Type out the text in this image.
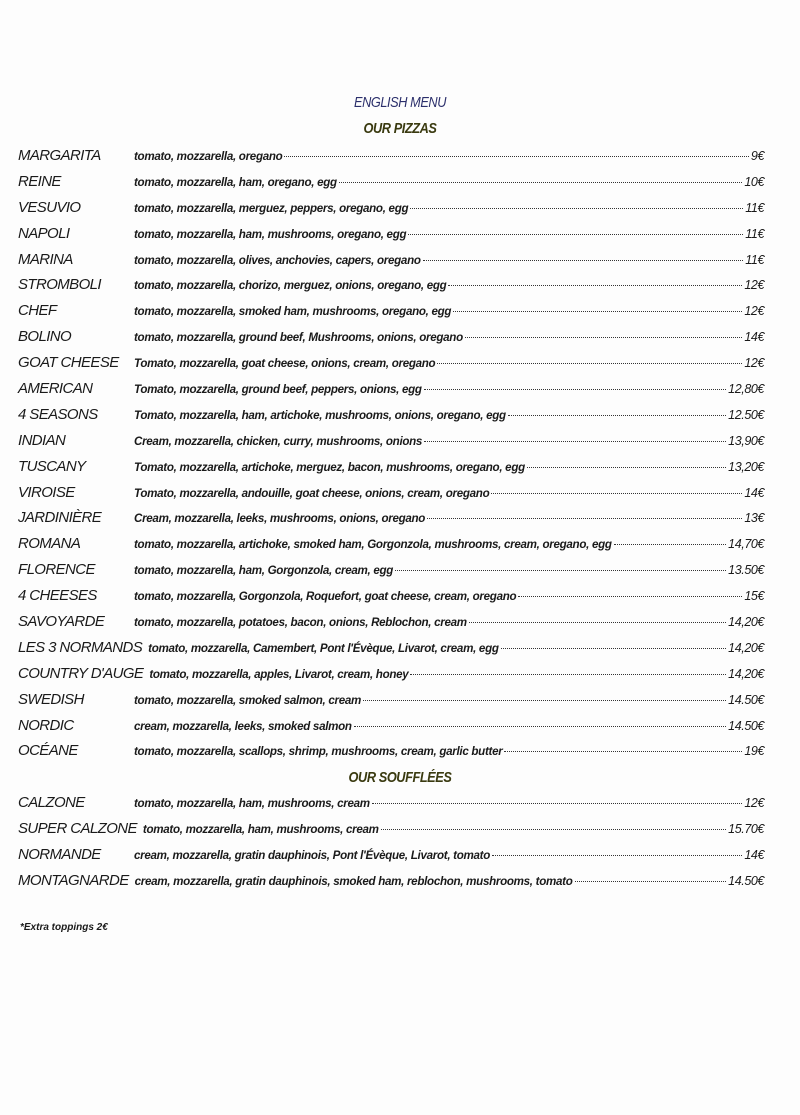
ENGLISH MENU
OUR PIZZAS
MARGARITA	tomato, mozzarella, oregano	9€
REINE	tomato, mozzarella, ham, oregano, egg	10€
VESUVIO	tomato, mozzarella, merguez, peppers, oregano, egg	11€
NAPOLI	tomato, mozzarella, ham, mushrooms, oregano, egg	11€
MARINA	tomato, mozzarella, olives, anchovies, capers, oregano	11€
STROMBOLI	tomato, mozzarella, chorizo, merguez, onions, oregano, egg	12€
CHEF	tomato, mozzarella, smoked ham, mushrooms, oregano, egg	12€
BOLINO	tomato, mozzarella, ground beef, Mushrooms, onions, oregano	14€
GOAT CHEESE	Tomato, mozzarella, goat cheese, onions, cream, oregano	12€
AMERICAN	Tomato, mozzarella, ground beef, peppers, onions, egg	12,80€
4 SEASONS	Tomato, mozzarella, ham, artichoke, mushrooms, onions, oregano, egg	12.50€
INDIAN	Cream, mozzarella, chicken, curry, mushrooms, onions	13,90€
TUSCANY	Tomato, mozzarella, artichoke, merguez, bacon, mushrooms, oregano, egg	13,20€
VIROISE	Tomato, mozzarella, andouille, goat cheese, onions, cream, oregano	14€
JARDINIÈRE	Cream, mozzarella, leeks, mushrooms, onions, oregano	13€
ROMANA	tomato, mozzarella, artichoke, smoked ham, Gorgonzola, mushrooms, cream, oregano, egg	14,70€
FLORENCE	tomato, mozzarella, ham, Gorgonzola, cream, egg	13.50€
4 CHEESES	tomato, mozzarella, Gorgonzola, Roquefort, goat cheese, cream, oregano	15€
SAVOYARDE	tomato, mozzarella, potatoes, bacon, onions, Reblochon, cream	14,20€
LES 3 NORMANDS tomato, mozzarella, Camembert, Pont l'Évèque, Livarot, cream, egg	14,20€
COUNTRY D'AUGE tomato, mozzarella, apples, Livarot, cream, honey	14,20€
SWEDISH	tomato, mozzarella, smoked salmon, cream	14.50€
NORDIC	cream, mozzarella, leeks, smoked salmon	14.50€
OCÉANE	tomato, mozzarella, scallops, shrimp, mushrooms, cream, garlic butter	19€
OUR SOUFFLÉES
CALZONE	tomato, mozzarella, ham, mushrooms, cream	12€
SUPER CALZONE tomato, mozzarella, ham, mushrooms, cream	15.70€
NORMANDE	cream, mozzarella, gratin dauphinois, Pont l'Évèque, Livarot, tomato	14€
MONTAGNARDE cream, mozzarella, gratin dauphinois, smoked ham, reblochon, mushrooms, tomato	14.50€
*Extra toppings 2€
